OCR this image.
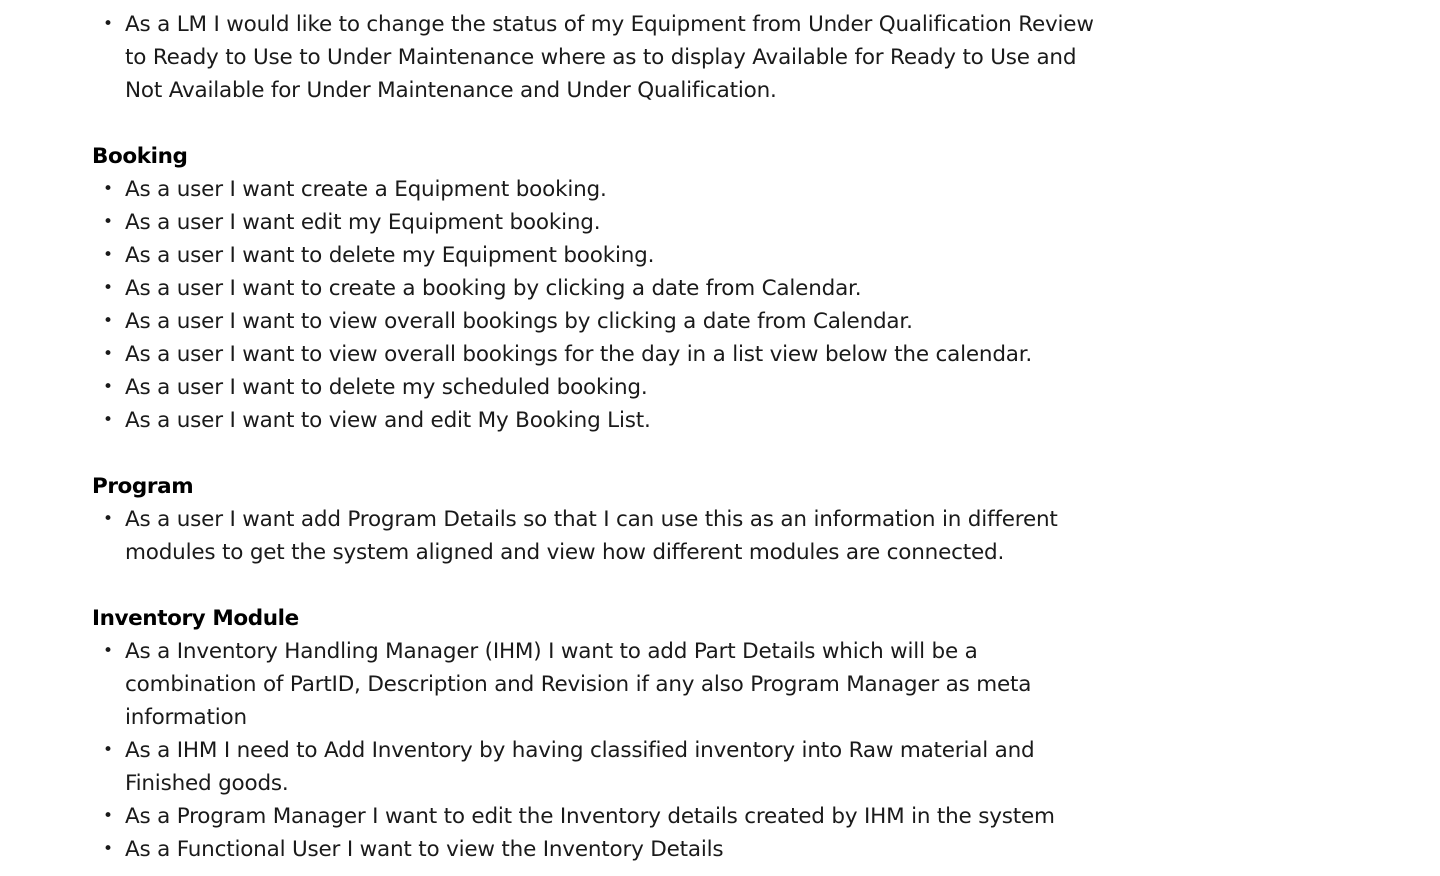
• As a LM I would like to change the status of my Equipment from Under Qualification Review to Ready to Use to Under Maintenance where as to display Available for Ready to Use and Not Available for Under Maintenance and Under Qualification.
Booking
• As a user I want create a Equipment booking.
• As a user I want edit my Equipment booking.
• As a user I want to delete my Equipment booking.
• As a user I want to create a booking by clicking a date from Calendar.
• As a user I want to view overall bookings by clicking a date from Calendar.
• As a user I want to view overall bookings for the day in a list view below the calendar.
• As a user I want to delete my scheduled booking.
• As a user I want to view and edit My Booking List.
Program
• As a user I want add Program Details so that I can use this as an information in different modules to get the system aligned and view how different modules are connected.
Inventory Module
• As a Inventory Handling Manager (IHM) I want to add Part Details which will be a combination of PartID, Description and Revision if any also Program Manager as meta information
• As a IHM I need to Add Inventory by having classified inventory into Raw material and Finished goods.
• As a Program Manager I want to edit the Inventory details created by IHM in the system
• As a Functional User I want to view the Inventory Details
